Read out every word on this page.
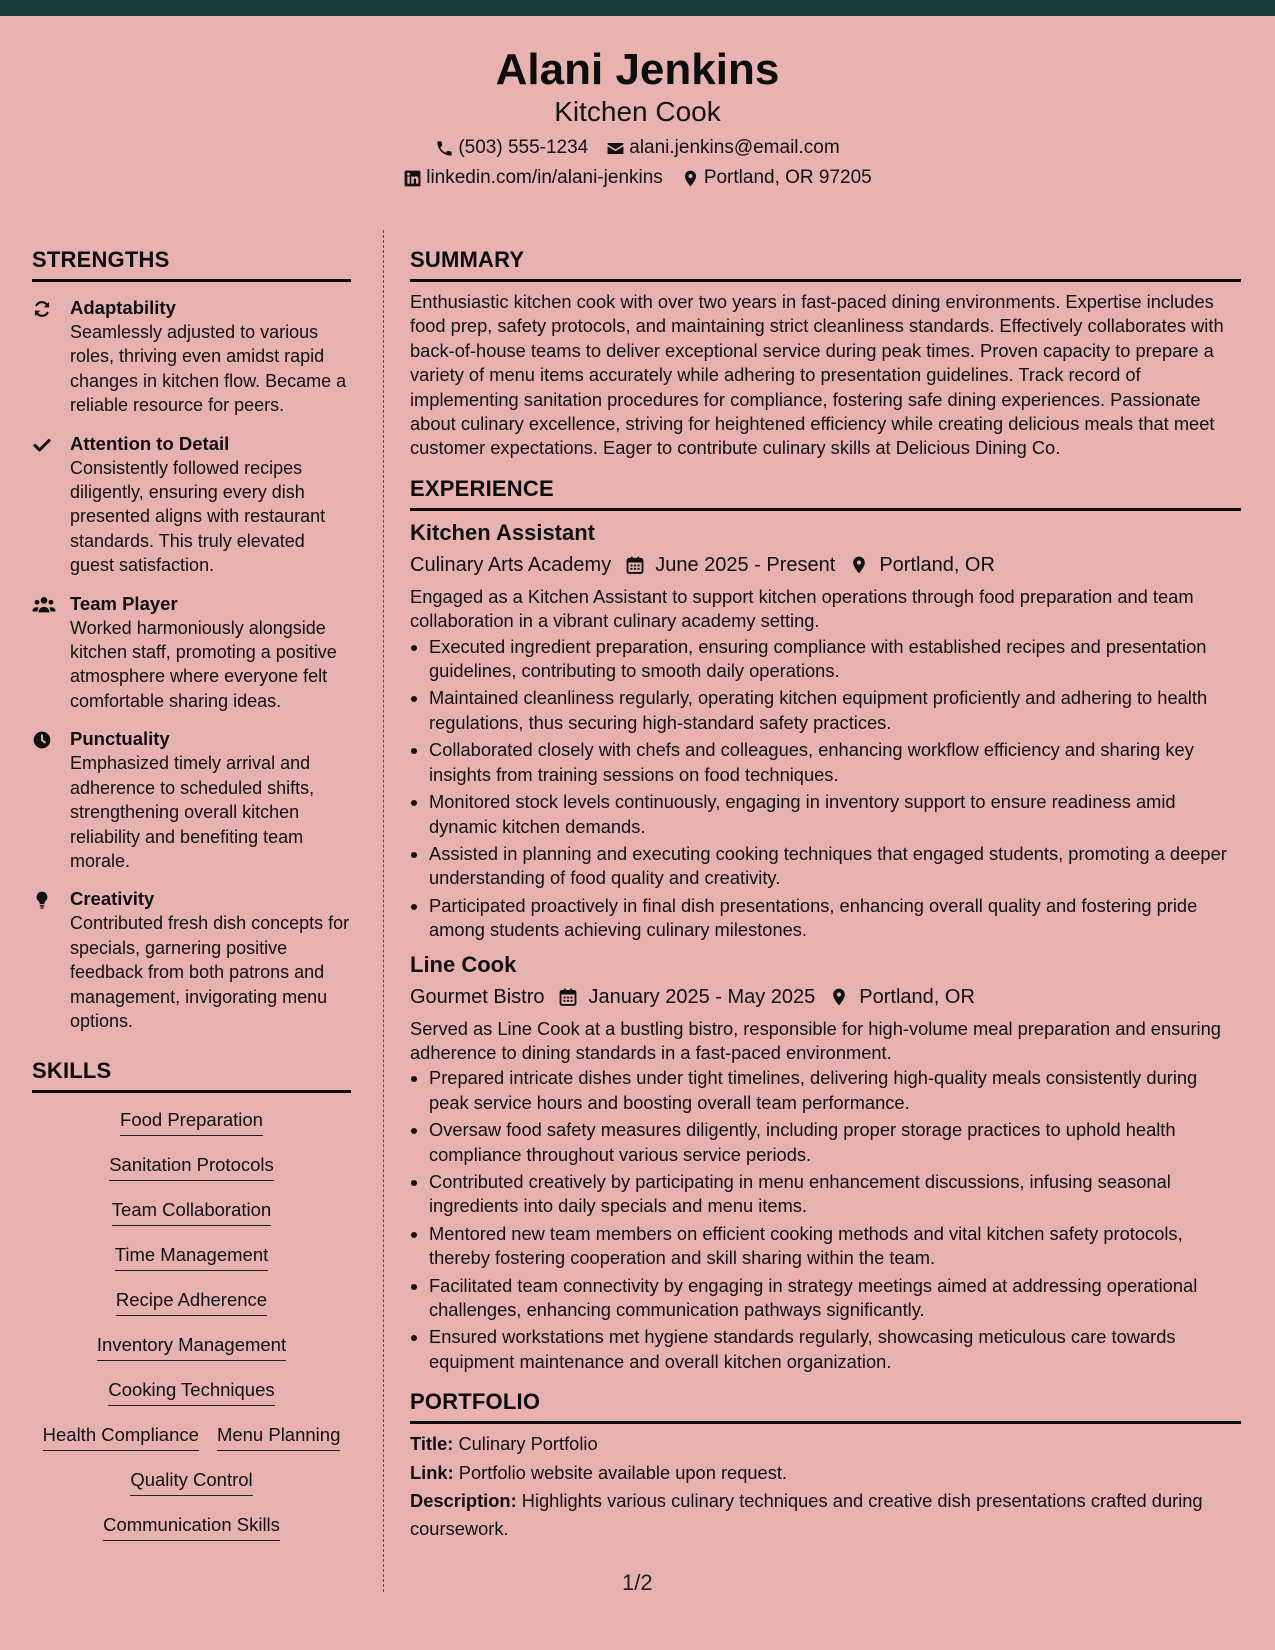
Alani Jenkins
Kitchen Cook
(503) 555-1234 alani.jenkins@email.com
linkedin.com/in/alani-jenkins Portland, OR 97205
STRENGTHS
Adaptability
Seamlessly adjusted to various roles, thriving even amidst rapid changes in kitchen flow. Became a reliable resource for peers.
Attention to Detail
Consistently followed recipes diligently, ensuring every dish presented aligns with restaurant standards. This truly elevated guest satisfaction.
Team Player
Worked harmoniously alongside kitchen staff, promoting a positive atmosphere where everyone felt comfortable sharing ideas.
Punctuality
Emphasized timely arrival and adherence to scheduled shifts, strengthening overall kitchen reliability and benefiting team morale.
Creativity
Contributed fresh dish concepts for specials, garnering positive feedback from both patrons and management, invigorating menu options.
SKILLS
Food Preparation
Sanitation Protocols
Team Collaboration
Time Management
Recipe Adherence
Inventory Management
Cooking Techniques
Health Compliance Menu Planning
Quality Control
Communication Skills
SUMMARY
Enthusiastic kitchen cook with over two years in fast-paced dining environments. Expertise includes food prep, safety protocols, and maintaining strict cleanliness standards. Effectively collaborates with back-of-house teams to deliver exceptional service during peak times. Proven capacity to prepare a variety of menu items accurately while adhering to presentation guidelines. Track record of implementing sanitation procedures for compliance, fostering safe dining experiences. Passionate about culinary excellence, striving for heightened efficiency while creating delicious meals that meet customer expectations. Eager to contribute culinary skills at Delicious Dining Co.
EXPERIENCE
Kitchen Assistant
Culinary Arts Academy June 2025 - Present Portland, OR
Engaged as a Kitchen Assistant to support kitchen operations through food preparation and team collaboration in a vibrant culinary academy setting.
• Executed ingredient preparation, ensuring compliance with established recipes and presentation guidelines, contributing to smooth daily operations.
• Maintained cleanliness regularly, operating kitchen equipment proficiently and adhering to health regulations, thus securing high-standard safety practices.
• Collaborated closely with chefs and colleagues, enhancing workflow efficiency and sharing key insights from training sessions on food techniques.
• Monitored stock levels continuously, engaging in inventory support to ensure readiness amid dynamic kitchen demands.
• Assisted in planning and executing cooking techniques that engaged students, promoting a deeper understanding of food quality and creativity.
• Participated proactively in final dish presentations, enhancing overall quality and fostering pride among students achieving culinary milestones.
Line Cook
Gourmet Bistro January 2025 - May 2025 Portland, OR
Served as Line Cook at a bustling bistro, responsible for high-volume meal preparation and ensuring adherence to dining standards in a fast-paced environment.
• Prepared intricate dishes under tight timelines, delivering high-quality meals consistently during peak service hours and boosting overall team performance.
• Oversaw food safety measures diligently, including proper storage practices to uphold health compliance throughout various service periods.
• Contributed creatively by participating in menu enhancement discussions, infusing seasonal ingredients into daily specials and menu items.
• Mentored new team members on efficient cooking methods and vital kitchen safety protocols, thereby fostering cooperation and skill sharing within the team.
• Facilitated team connectivity by engaging in strategy meetings aimed at addressing operational challenges, enhancing communication pathways significantly.
• Ensured workstations met hygiene standards regularly, showcasing meticulous care towards equipment maintenance and overall kitchen organization.
PORTFOLIO
Title: Culinary Portfolio
Link: Portfolio website available upon request.
Description: Highlights various culinary techniques and creative dish presentations crafted during coursework.
1/2
